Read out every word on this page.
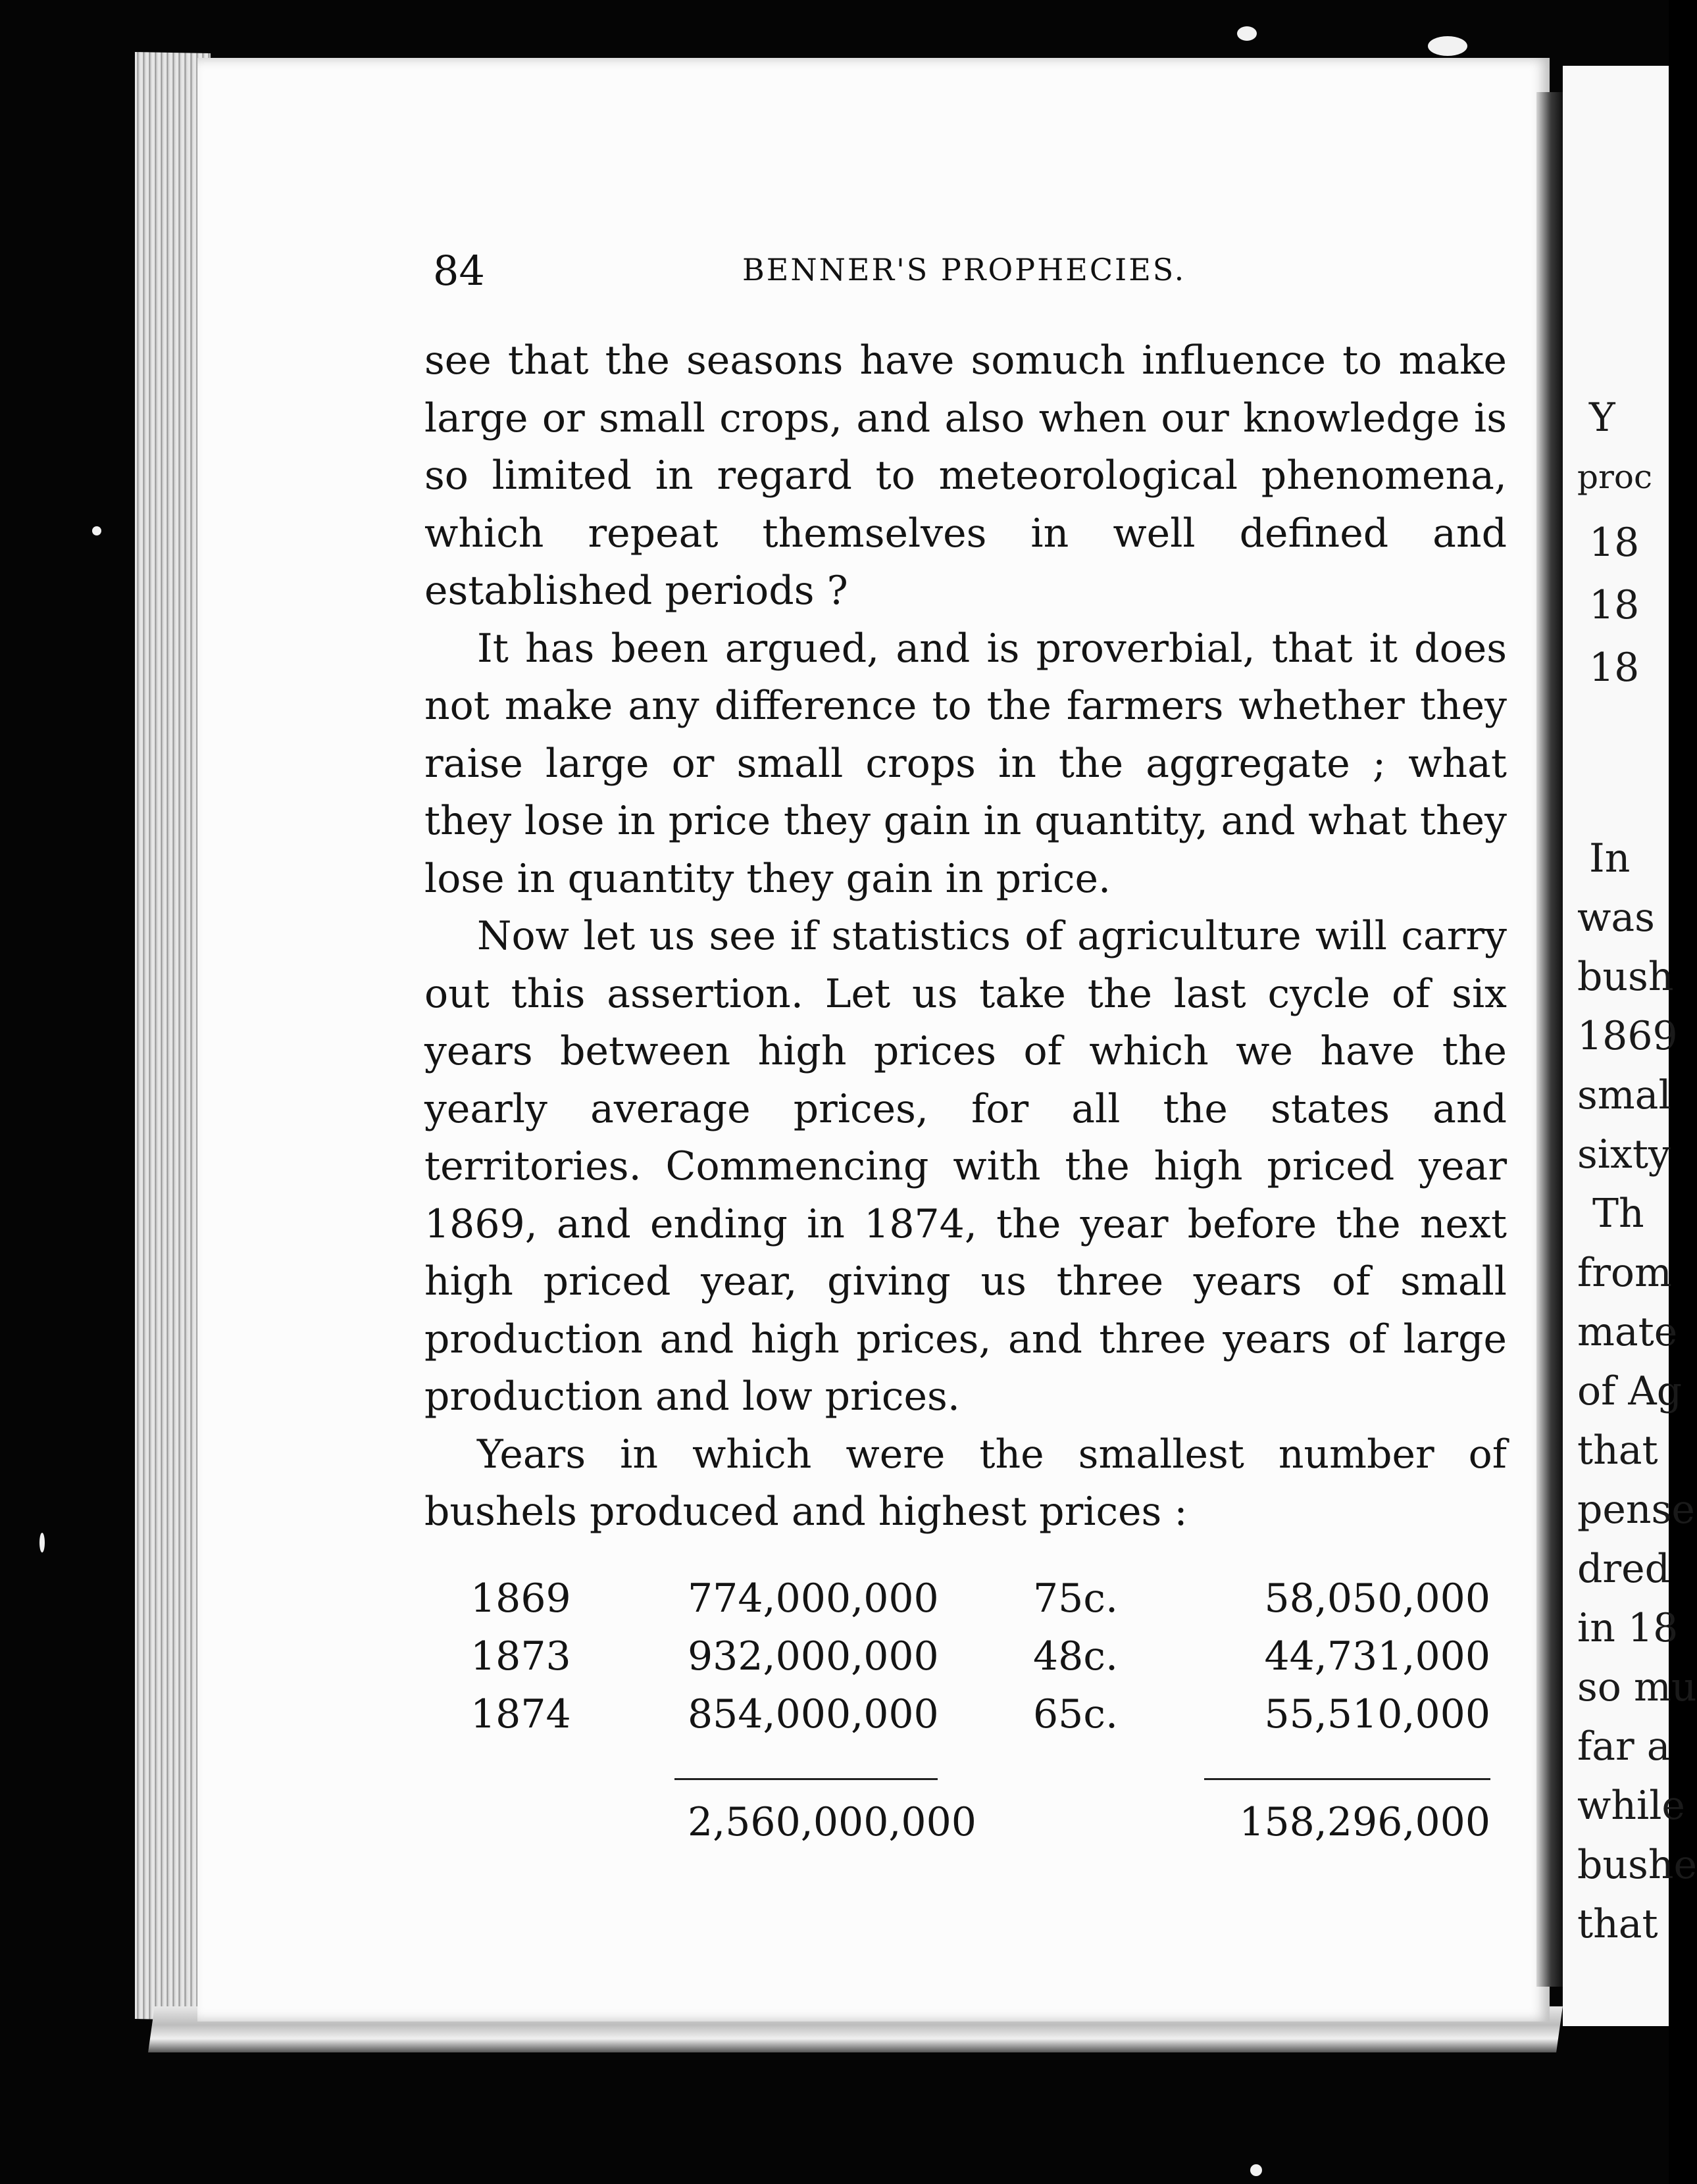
Y
proc
18
18
18
In
was
bush
1869
smal
sixty
Th
from
mate
of Ag
that
pense
dred
in 18
so mu
far a
while
bushe
that
84	BENNER'S PROPHECIES.

see that the seasons have somuch influence to make large or small crops, and also when our knowledge is so limited in regard to meteorological phenomena, which repeat themselves in well defined and established periods ?

It has been argued, and is proverbial, that it does not make any difference to the farmers whether they raise large or small crops in the aggregate ; what they lose in price they gain in quantity, and what they lose in quantity they gain in price.

Now let us see if statistics of agriculture will carry out this assertion. Let us take the last cycle of six years between high prices of which we have the yearly average prices, for all the states and territories. Commencing with the high priced year 1869, and ending in 1874, the year before the next high priced year, giving us three years of small production and high prices, and three years of large production and low prices.

Years in which were the smallest number of bushels produced and highest prices :

1869	774,000,000 75c.	58,050,000
1873	932,000,000 48c.	44,731,000
1874	854,000,000 65c.	55,510,000
2,560,000,000	158,296,000
